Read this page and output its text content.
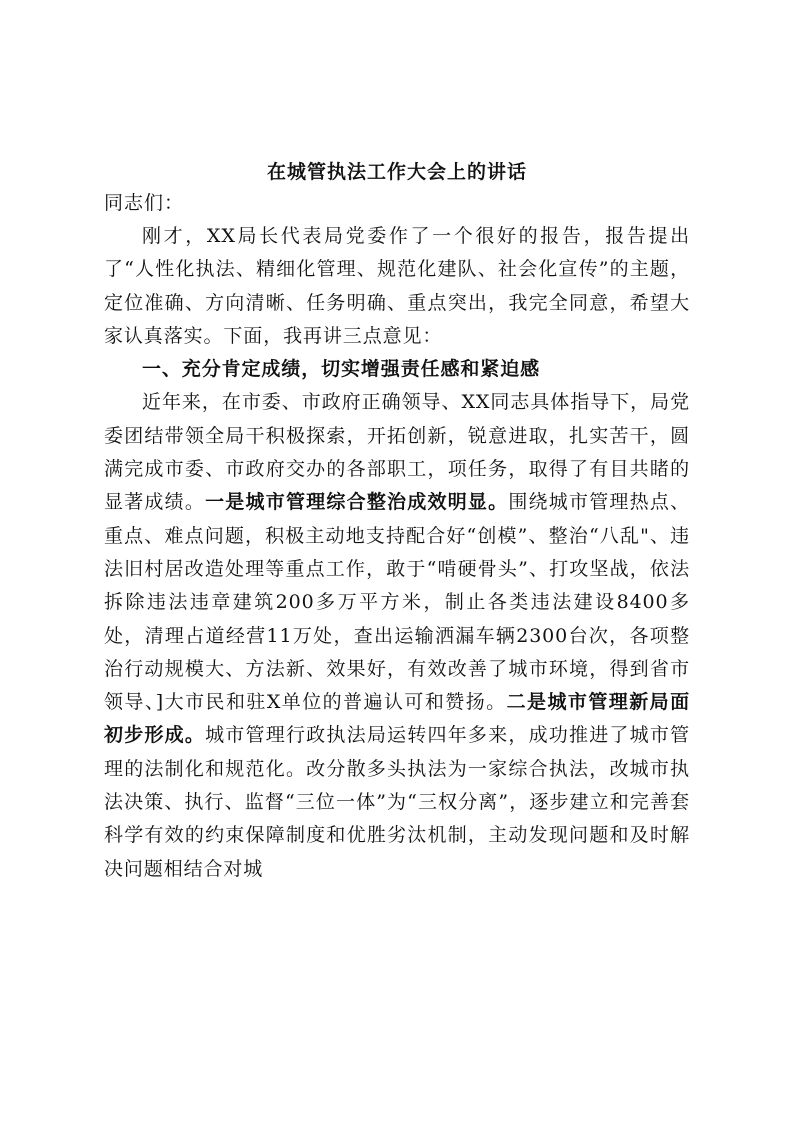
在城管执法工作大会上的讲话

同志们：

刚才，XX局长代表局党委作了一个很好的报告，报告提出了“人性化执法、精细化管理、规范化建队、社会化宣传”的主题，定位准确、方向清晰、任务明确、重点突出，我完全同意，希望大家认真落实。下面，我再讲三点意见：

一、充分肯定成绩，切实增强责任感和紧迫感

近年来，在市委、市政府正确领导、XX同志具体指导下，局党委团结带领全局干积极探索，开拓创新，锐意进取，扎实苦干，圆满完成市委、市政府交办的各部职工，项任务，取得了有目共睹的显著成绩。一是城市管理综合整治成效明显。围绕城市管理热点、重点、难点问题，积极主动地支持配合好“创模”、整治“八乱"、违法旧村居改造处理等重点工作，敢于“啃硬骨头”、打攻坚战，依法拆除违法违章建筑200多万平方米，制止各类违法建设8400多处，清理占道经营11万处，查出运输洒漏车辆2300台次，各项整治行动规模大、方法新、效果好，有效改善了城市环境，得到省市领导、]大市民和驻X单位的普遍认可和赞扬。二是城市管理新局面初步形成。城市管理行政执法局运转四年多来，成功推进了城市管理的法制化和规范化。改分散多头执法为一家综合执法，改城市执法决策、执行、监督“三位一体”为“三权分离”，逐步建立和完善套科学有效的约束保障制度和优胜劣汰机制，主动发现问题和及时解决问题相结合对城
